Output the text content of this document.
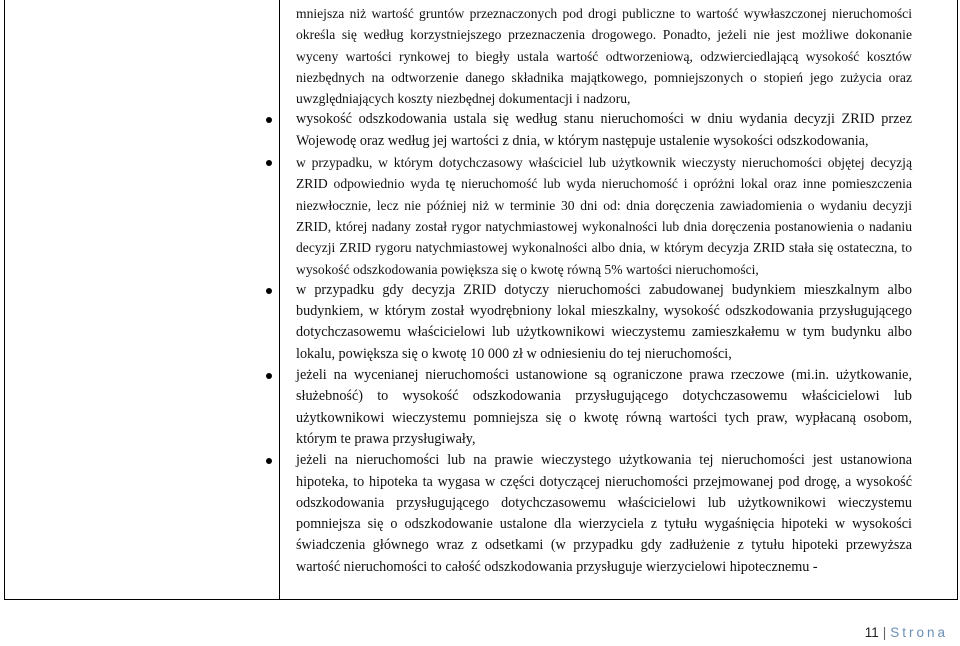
mniejsza niż wartość gruntów przeznaczonych pod drogi publiczne to wartość wywłaszczonej nieruchomości określa się według korzystniejszego przeznaczenia drogowego. Ponadto, jeżeli nie jest możliwe dokonanie wyceny wartości rynkowej to biegły ustala wartość odtworzeniową, odzwierciedlającą wysokość kosztów niezbędnych na odtworzenie danego składnika majątkowego, pomniejszonych o stopień jego zużycia oraz uwzględniających koszty niezbędnej dokumentacji i nadzoru,
wysokość odszkodowania ustala się według stanu nieruchomości w dniu wydania decyzji ZRID przez Wojewodę oraz według jej wartości z dnia, w którym następuje ustalenie wysokości odszkodowania,
w przypadku, w którym dotychczasowy właściciel lub użytkownik wieczysty nieruchomości objętej decyzją ZRID odpowiednio wyda tę nieruchomość lub wyda nieruchomość i opróżni lokal oraz inne pomieszczenia niezwłocznie, lecz nie później niż w terminie 30 dni od: dnia doręczenia zawiadomienia o wydaniu decyzji ZRID, której nadany został rygor natychmiastowej wykonalności lub dnia doręczenia postanowienia o nadaniu decyzji ZRID rygoru natychmiastowej wykonalności albo dnia, w którym decyzja ZRID stała się ostateczna, to wysokość odszkodowania powiększa się o kwotę równą 5% wartości nieruchomości,
w przypadku gdy decyzja ZRID dotyczy nieruchomości zabudowanej budynkiem mieszkalnym albo budynkiem, w którym został wyodrębniony lokal mieszkalny, wysokość odszkodowania przysługującego dotychczasowemu właścicielowi lub użytkownikowi wieczystemu zamieszkałemu w tym budynku albo lokalu, powiększa się o kwotę 10 000 zł w odniesieniu do tej nieruchomości,
jeżeli na wycenianej nieruchomości ustanowione są ograniczone prawa rzeczowe (mi.in. użytkowanie, służebność) to wysokość odszkodowania przysługującego dotychczasowemu właścicielowi lub użytkownikowi wieczystemu pomniejsza się o kwotę równą wartości tych praw, wypłacaną osobom, którym te prawa przysługiwały,
jeżeli na nieruchomości lub na prawie wieczystego użytkowania tej nieruchomości jest ustanowiona hipoteka, to hipoteka ta wygasa w części dotyczącej nieruchomości przejmowanej pod drogę, a wysokość odszkodowania przysługującego dotychczasowemu właścicielowi lub użytkownikowi wieczystemu pomniejsza się o odszkodowanie ustalone dla wierzyciela z tytułu wygaśnięcia hipoteki w wysokości świadczenia głównego wraz z odsetkami (w przypadku gdy zadłużenie z tytułu hipoteki przewyższa wartość nieruchomości to całość odszkodowania przysługuje wierzycielowi hipotecznemu -
11 | Strona
